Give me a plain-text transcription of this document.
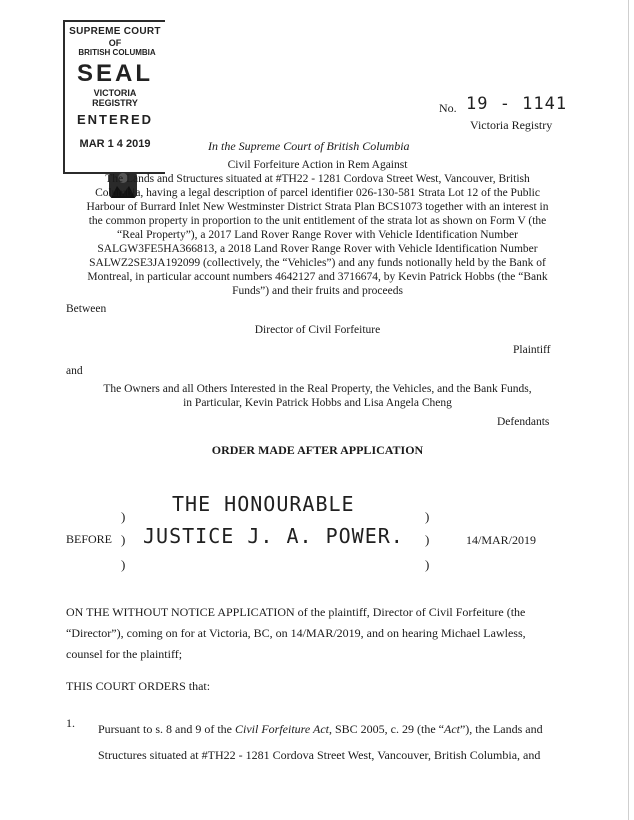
SUPREME COURT
OF
BRITISH COLUMBIA
SEAL
VICTORIA
REGISTRY
ENTERED
MAR 1 4 2019
No. 19 - 1141
Victoria Registry
In the Supreme Court of British Columbia
Civil Forfeiture Action in Rem Against
The Lands and Structures situated at #TH22 - 1281 Cordova Street West, Vancouver, British
Columbia, having a legal description of parcel identifier 026-130-581 Strata Lot 12 of the Public
Harbour of Burrard Inlet New Westminster District Strata Plan BCS1073 together with an interest in
the common property in proportion to the unit entitlement of the strata lot as shown on Form V (the
“Real Property”), a 2017 Land Rover Range Rover with Vehicle Identification Number
SALGW3FE5HA366813, a 2018 Land Rover Range Rover with Vehicle Identification Number
SALWZ2SE3JA192099 (collectively, the “Vehicles”) and any funds notionally held by the Bank of
Montreal, in particular account numbers 4642127 and 3716674, by Kevin Patrick Hobbs (the “Bank
Funds”) and their fruits and proceeds
Between
Director of Civil Forfeiture
Plaintiff
and
The Owners and all Others Interested in the Real Property, the Vehicles, and the Bank Funds,
in Particular, Kevin Patrick Hobbs and Lisa Angela Cheng
Defendants
ORDER MADE AFTER APPLICATION
)
)
)
BEFORE
THE HONOURABLE
JUSTICE J. A. POWER.
)
)
)
14/MAR/2019
ON THE WITHOUT NOTICE APPLICATION of the plaintiff, Director of Civil Forfeiture (the
“Director”), coming on for at Victoria, BC, on 14/MAR/2019, and on hearing Michael Lawless,
counsel for the plaintiff;
THIS COURT ORDERS that:
1. Pursuant to s. 8 and 9 of the Civil Forfeiture Act, SBC 2005, c. 29 (the “Act”), the Lands and
Structures situated at #TH22 - 1281 Cordova Street West, Vancouver, British Columbia, and
